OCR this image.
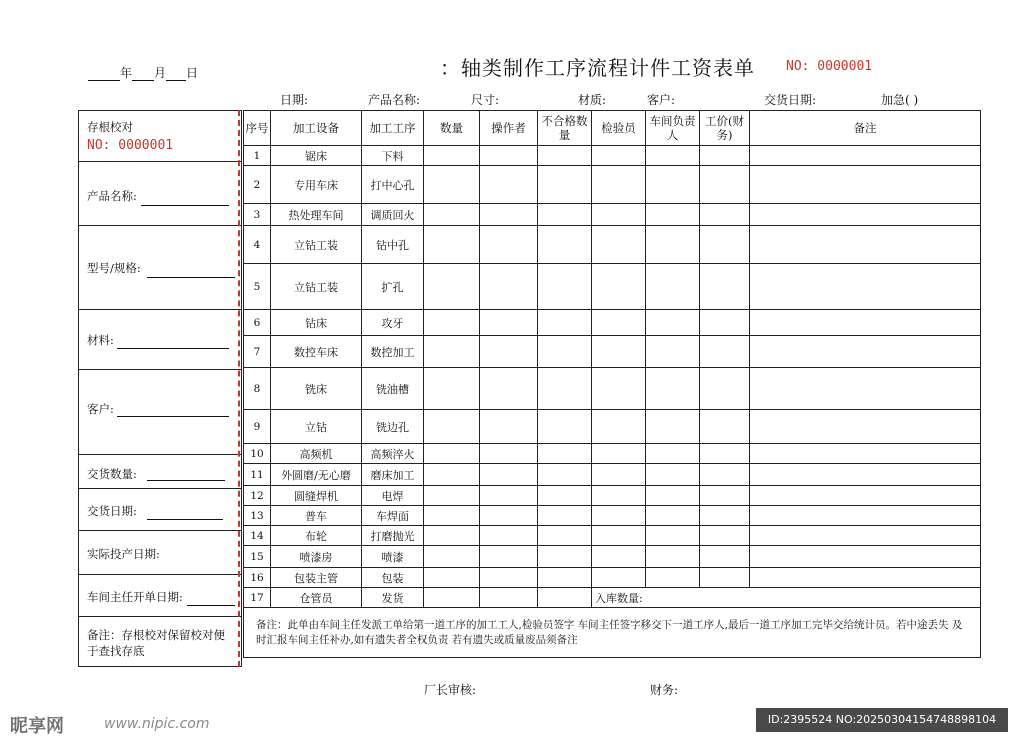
年 月 日	：轴类制作工序流程计件工资表单 NO: 0000001
日期:	产品名称:	尺寸:	材质:	客户:	交货日期:	加急( )
存根校对
NO: 0000001
产品名称:
型号/规格:
材料:
客户:
交货数量:
交货日期:
实际投产日期:
车间主任开单日期:
备注：存根校对保留校对便于查找存底
序号	加工设备	加工工序	数量	操作者	不合格数量	检验员	车间负责人	工价(财务)	备注
1	锯床	下料							
2	专用车床	打中心孔							
3	热处理车间	调质回火							
4	立钻工装	钻中孔							
5	立钻工装	扩孔							
6	钻床	攻牙							
7	数控车床	数控加工							
8	铣床	铣油槽							
9	立钻	铣边孔							
10	高频机	高频淬火							
11	外圆磨/无心磨	磨床加工							
12	圆缝焊机	电焊							
13	普车	车焊面							
14	布轮	打磨抛光							
15	喷漆房	喷漆							
16	包装主管	包装							
17	仓管员	发货				入库数量:			
备注：此单由车间主任发派工单给第一道工序的加工工人,检验员签字 车间主任签字移交下一道工序人,最后一道工序加工完毕交给统计员。若中途丢失 及时汇报车间主任补办,如有遗失者全权负责 若有遗失或质量废品须备注									
厂长审核:	财务:
昵享网	www.nipic.com	ID:2395524 NO:20250304154748898104
